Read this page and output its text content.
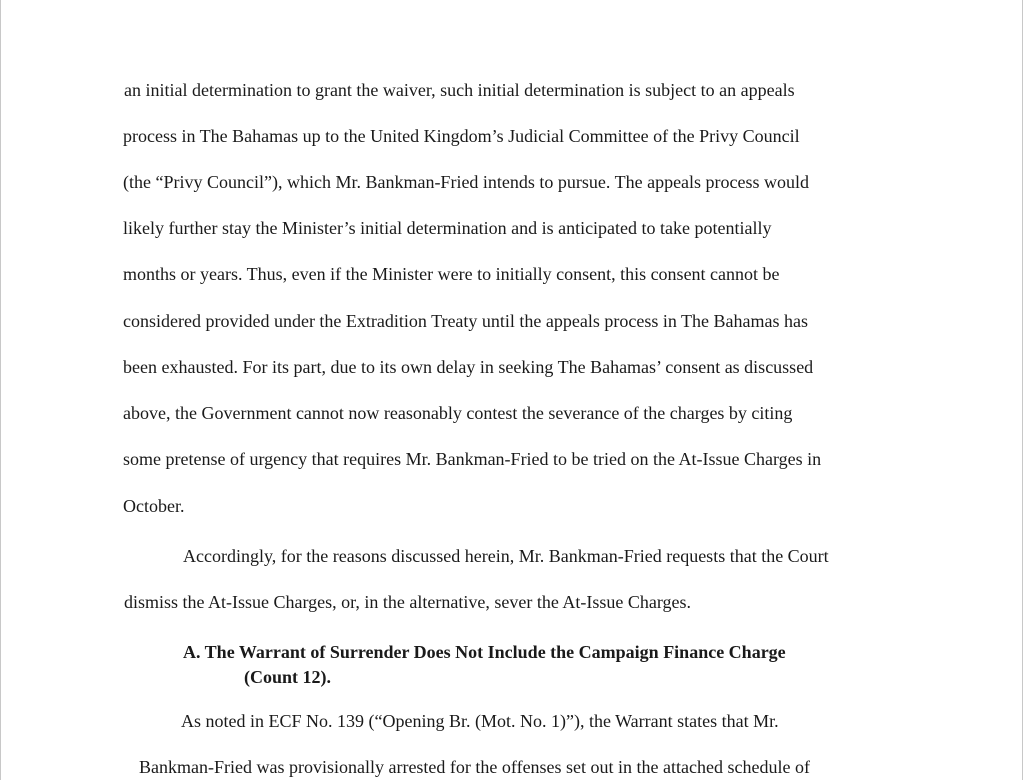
an initial determination to grant the waiver, such initial determination is subject to an appeals
process in The Bahamas up to the United Kingdom’s Judicial Committee of the Privy Council
(the “Privy Council”), which Mr. Bankman-Fried intends to pursue. The appeals process would
likely further stay the Minister’s initial determination and is anticipated to take potentially
months or years. Thus, even if the Minister were to initially consent, this consent cannot be
considered provided under the Extradition Treaty until the appeals process in The Bahamas has
been exhausted. For its part, due to its own delay in seeking The Bahamas’ consent as discussed
above, the Government cannot now reasonably contest the severance of the charges by citing
some pretense of urgency that requires Mr. Bankman-Fried to be tried on the At-Issue Charges in
October.
Accordingly, for the reasons discussed herein, Mr. Bankman-Fried requests that the Court
dismiss the At-Issue Charges, or, in the alternative, sever the At-Issue Charges.
A. The Warrant of Surrender Does Not Include the Campaign Finance Charge
(Count 12).
As noted in ECF No. 139 (“Opening Br. (Mot. No. 1)”), the Warrant states that Mr.
Bankman-Fried was provisionally arrested for the offenses set out in the attached schedule of
